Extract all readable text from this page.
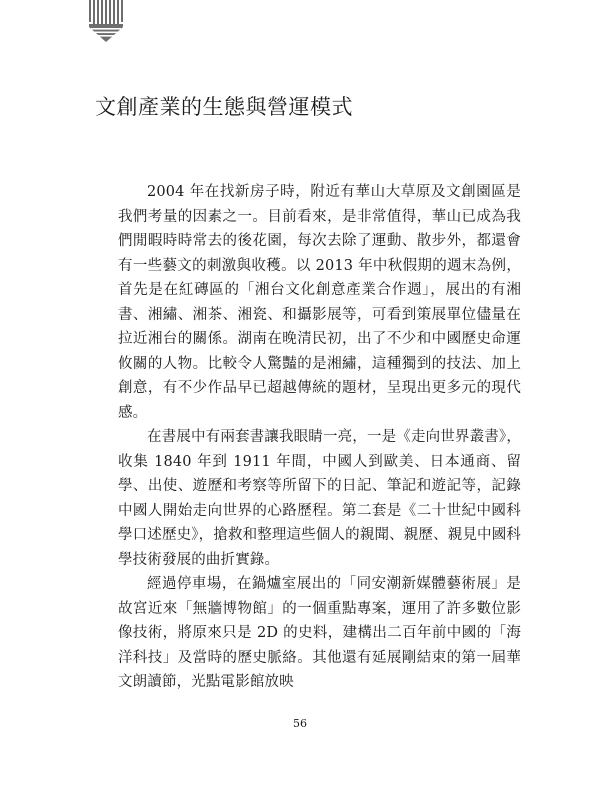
文創產業的生態與營運模式

2004 年在找新房子時，附近有華山大草原及文創園區是我們考量的因素之一。目前看來，是非常值得，華山已成為我們閒暇時時常去的後花園，每次去除了運動、散步外，都還會有一些藝文的刺激與收穫。以 2013 年中秋假期的週末為例，首先是在紅磚區的「湘台文化創意產業合作週」，展出的有湘書、湘繡、湘茶、湘瓷、和攝影展等，可看到策展單位儘量在拉近湘台的關係。湖南在晚清民初，出了不少和中國歷史命運攸關的人物。比較令人驚豔的是湘繡，這種獨到的技法、加上創意，有不少作品早已超越傳統的題材，呈現出更多元的現代感。

在書展中有兩套書讓我眼睛一亮，一是《走向世界叢書》，收集 1840 年到 1911 年間，中國人到歐美、日本通商、留學、出使、遊歷和考察等所留下的日記、筆記和遊記等，記錄中國人開始走向世界的心路歷程。第二套是《二十世紀中國科學口述歷史》，搶救和整理這些個人的親聞、親歷、親見中國科學技術發展的曲折實錄。

經過停車場，在鍋爐室展出的「同安潮新媒體藝術展」是故宮近來「無牆博物館」的一個重點專案，運用了許多數位影像技術，將原來只是 2D 的史料，建構出二百年前中國的「海洋科技」及當時的歷史脈絡。其他還有延展剛結束的第一屆華文朗讀節，光點電影館放映

56
